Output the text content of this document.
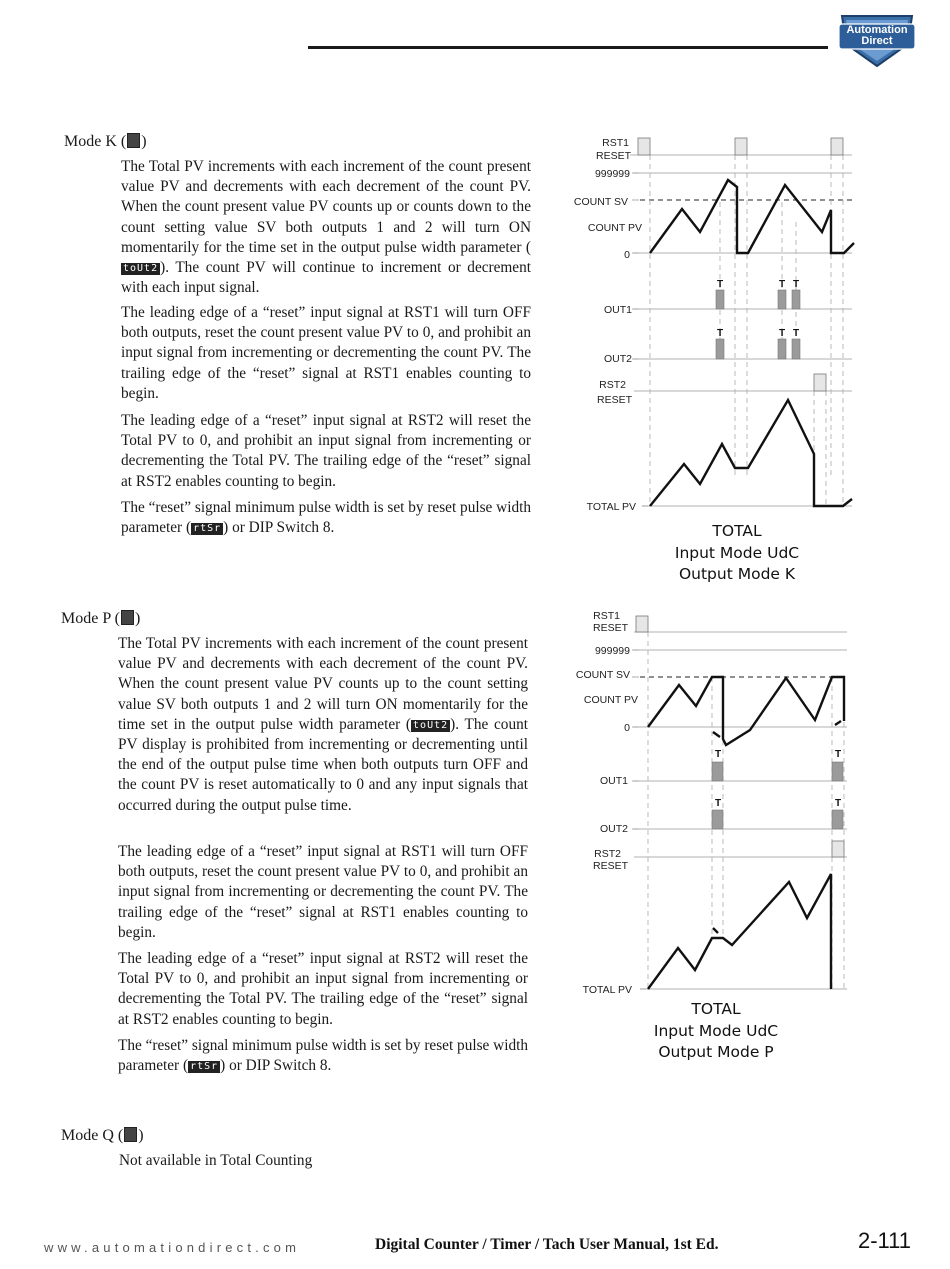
Automation Direct
Mode K ( )

The Total PV increments with each increment of the count present value PV and decrements with each decrement of the count PV. When the count present value PV counts up or counts down to the count setting value SV both outputs 1 and 2 will turn ON momentarily for the time set in the output pulse width parameter (toUt2 ). The count PV will continue to increment or decrement with each input signal.

The leading edge of a “reset” input signal at RST1 will turn OFF both outputs, reset the count present value PV to 0, and prohibit an input signal from incrementing or decrementing the count PV. The trailing edge of the “reset” signal at RST1 enables counting to begin.

The leading edge of a “reset” input signal at RST2 will reset the Total PV to 0, and prohibit an input signal from incrementing or decrementing the Total PV. The trailing edge of the “reset” signal at RST2 enables counting to begin.

The “reset” signal minimum pulse width is set by reset pulse width parameter ( rtSr ) or DIP Switch 8.

RST1
RESET
999999
COUNT SV
COUNT PV
0
OUT1
OUT2
RST2
RESET
TOTAL PV
T	T T
T	T T
TOTAL
Input Mode UdC
Output Mode K
Mode P ( )

The Total PV increments with each increment of the count present value PV and decrements with each decrement of the count PV. When the count present value PV counts up to the count setting value SV both outputs 1 and 2 will turn ON momentarily for the time set in the output pulse width parameter ( toUt2 ). The count PV display is prohibited from incrementing or decrementing until the end of the output pulse time when both outputs turn OFF and the count PV is reset automatically to 0 and any input signals that occurred during the output pulse time.

The leading edge of a “reset” input signal at RST1 will turn OFF both outputs, reset the count present value PV to 0, and prohibit an input signal from incrementing or decrementing the count PV. The trailing edge of the “reset” signal at RST1 enables counting to begin.

The leading edge of a “reset” input signal at RST2 will reset the Total PV to 0, and prohibit an input signal from incrementing or decrementing the Total PV. The trailing edge of the “reset” signal at RST2 enables counting to begin.

The “reset” signal minimum pulse width is set by reset pulse width parameter ( rtSr ) or DIP Switch 8.

RST1
RESET
999999
COUNT SV
COUNT PV
0
OUT1
OUT2
RST2
RESET
TOTAL PV
T	T
T	T
TOTAL
Input Mode UdC
Output Mode P
Mode Q ( )

Not available in Total Counting

www.automationdirect.com	Digital Counter / Timer / Tach User Manual, 1st Ed.	2-111
